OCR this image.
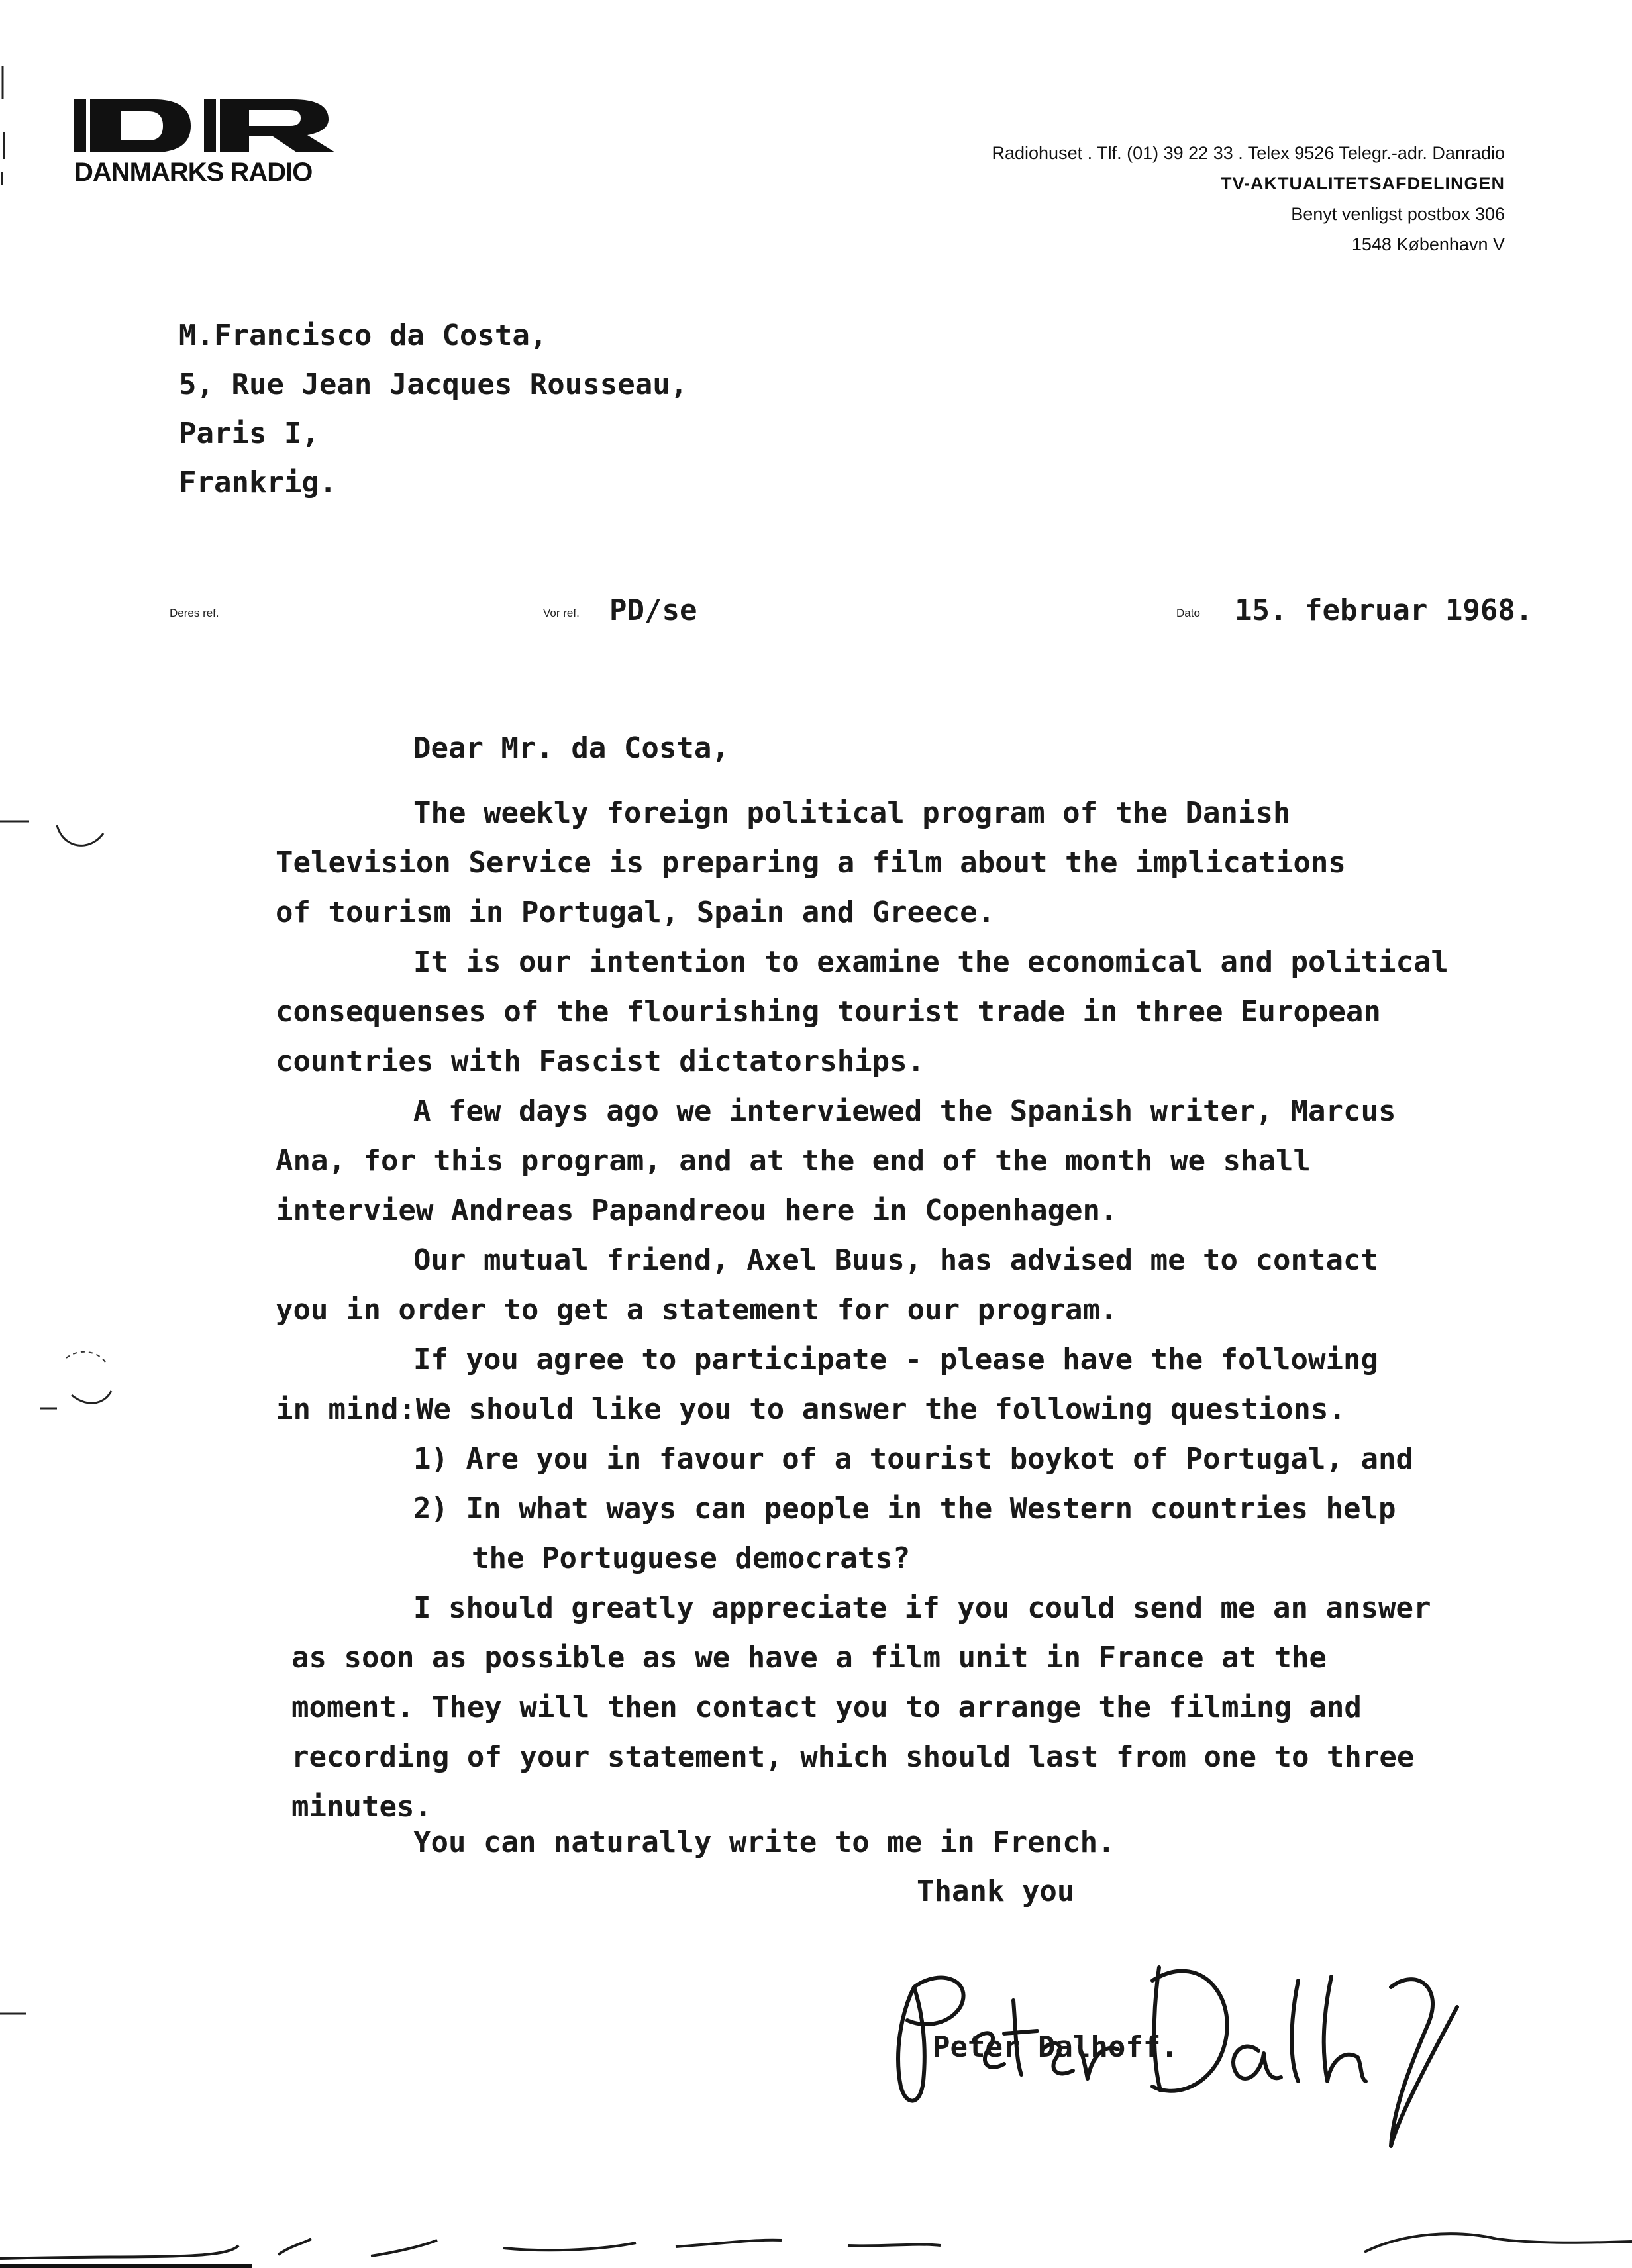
DANMARKS RADIO
Radiohuset . Tlf. (01) 39 22 33 . Telex 9526 Telegr.-adr. Danradio
TV-AKTUALITETSAFDELINGEN
Benyt venligst postbox 306
1548 København V
M.Francisco da Costa,
5, Rue Jean Jacques Rousseau,
Paris I,
Frankrig.
Deres ref.	Vor ref. PD/se	Dato 15. februar 1968.
Dear Mr. da Costa,
The weekly foreign political program of the Danish
Television Service is preparing a film about the implications
of tourism in Portugal, Spain and Greece.
It is our intention to examine the economical and political
consequenses of the flourishing tourist trade in three European
countries with Fascist dictatorships.
A few days ago we interviewed the Spanish writer, Marcus
Ana, for this program, and at the end of the month we shall
interview Andreas Papandreou here in Copenhagen.
Our mutual friend, Axel Buus, has advised me to contact
you in order to get a statement for our program.
If you agree to participate - please have the following
in mind:We should like you to answer the following questions.
1) Are you in favour of a tourist boykot of Portugal, and
2) In what ways can people in the Western countries help
the Portuguese democrats?
I should greatly appreciate if you could send me an answer
as soon as possible as we have a film unit in France at the
moment. They will then contact you to arrange the filming and
recording of your statement, which should last from one to three
minutes.
You can naturally write to me in French.
Thank you
Peter Dalhoff.
